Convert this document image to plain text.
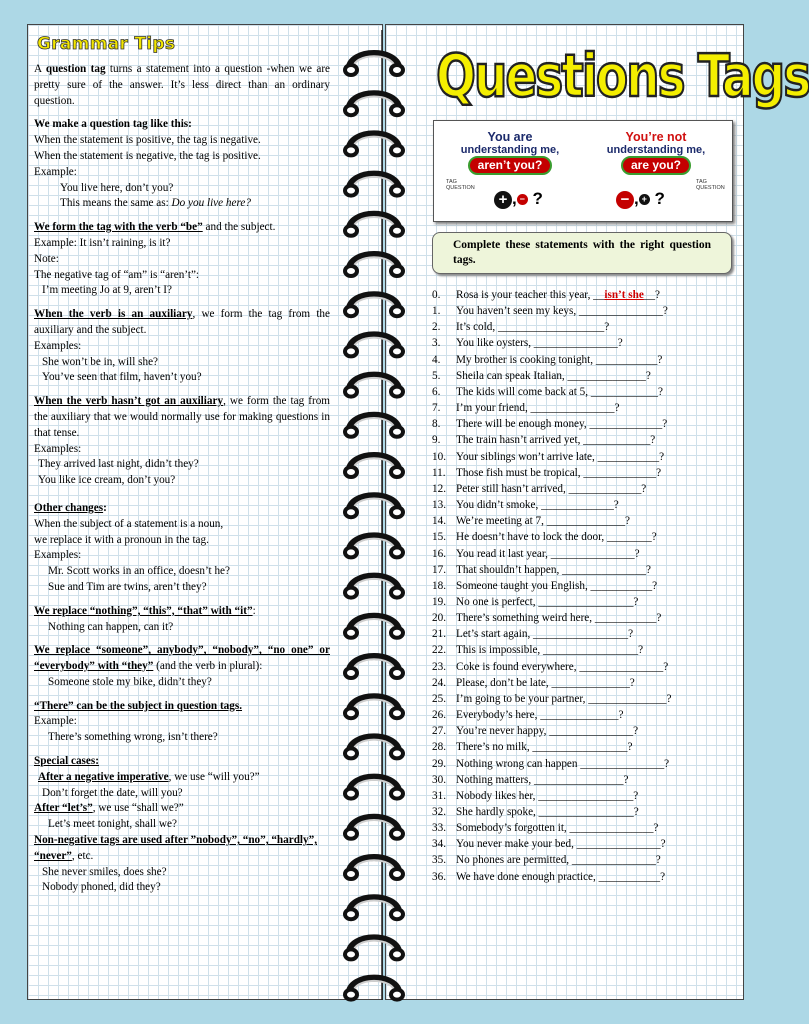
Grammar Tips

A question tag turns a statement into a question -when we are pretty sure of the answer. It’s less direct than an ordinary question.

We make a question tag like this:

When the statement is positive, the tag is negative.

When the statement is negative, the tag is positive.

Example:

You live here, don’t you?

This means the same as: Do you live here?

We form the tag with the verb “be” and the subject.

Example: It isn’t raining, is it?

Note:

The negative tag of “am” is “aren’t”:

I’m meeting Jo at 9, aren’t I?

When the verb is an auxiliary, we form the tag from the auxiliary and the subject.

Examples:

She won’t be in, will she?

You’ve seen that film, haven’t you?

When the verb hasn’t got an auxiliary, we form the tag from the auxiliary that we would normally use for making questions in that tense.

Examples:

They arrived last night, didn’t they?

You like ice cream, don’t you?

Other changes:

When the subject of a statement is a noun,

we replace it with a pronoun in the tag.

Examples:

Mr. Scott works in an office, doesn’t he?

Sue and Tim are twins, aren’t they?

We replace “nothing”, “this”, “that” with “it”:

Nothing can happen, can it?

We replace “someone”, anybody”, “nobody”, “no one” or “everybody” with “they” (and the verb in plural):

Someone stole my bike, didn’t they?

“There” can be the subject in question tags.

Example:

There’s something wrong, isn’t there?

Special cases:

After a negative imperative, we use “will you?”

Don’t forget the date, will you?

After “let’s”, we use “shall we?”

Let’s meet tonight, shall we?

Non-negative tags are used after ”nobody”, “no”, “hardly”, “never”, etc.

She never smiles, does she?

Nobody phoned, did they?

Questions Tags
You are
understanding me,
aren’t you?
You’re not
understanding me,
are you?
TAG QUESTION
TAG QUESTION
+ , − ?	− , + ?
Complete these statements with the right question tags.
0.	Rosa is your teacher this year, __isn’t she__?
1.	You haven’t seen my keys, _______________?
2.	It’s cold, ___________________?
3.	You like oysters, _______________?
4.	My brother is cooking tonight, ___________?
5.	Sheila can speak Italian, ______________?
6.	The kids will come back at 5, ____________?
7.	I’m your friend, _______________?
8.	There will be enough money, _____________?
9.	The train hasn’t arrived yet, ____________?
10. Your siblings won’t arrive late, ___________?
11. Those fish must be tropical, _____________?
12. Peter still hasn’t arrived, _____________?
13. You didn’t smoke, _____________?
14. We’re meeting at 7, ______________?
15. He doesn’t have to lock the door, ________?
16. You read it last year, _______________?
17. That shouldn’t happen, _______________?
18. Someone taught you English, ___________?
19. No one is perfect, _________________?
20. There’s something weird here, ___________?
21. Let’s start again, _________________?
22. This is impossible, _________________?
23. Coke is found everywhere, _______________?
24. Please, don’t be late, ______________?
25. I’m going to be your partner, ______________?
26. Everybody’s here, ______________?
27. You’re never happy, _______________?
28. There’s no milk, _________________?
29. Nothing wrong can happen _______________?
30. Nothing matters, ________________?
31. Nobody likes her, _________________?
32. She hardly spoke, _________________?
33. Somebody’s forgotten it, _______________?
34. You never make your bed, _______________?
35. No phones are permitted, _______________?
36. We have done enough practice, ___________?
